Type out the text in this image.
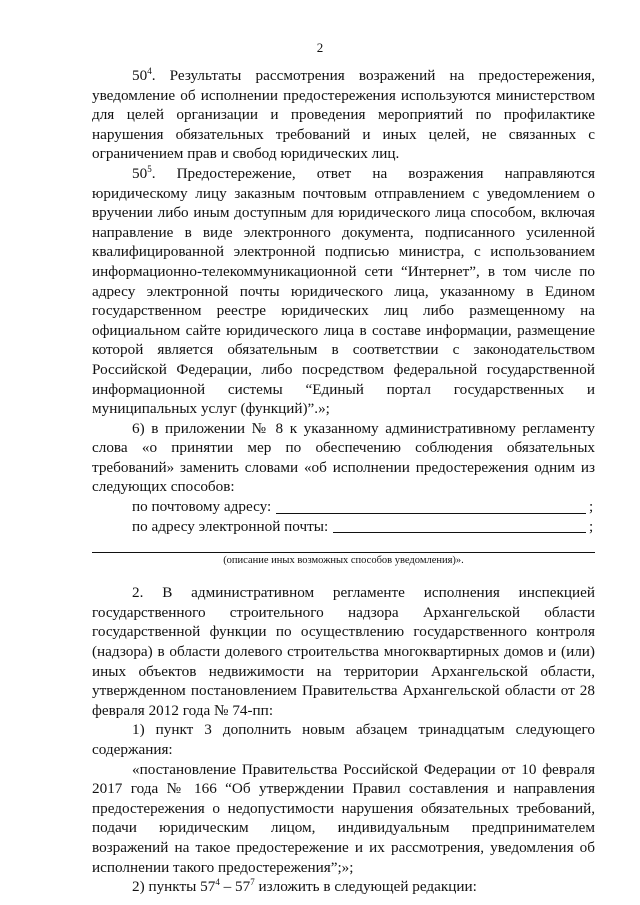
2

$50^4$. Результаты рассмотрения возражений на предостережения, уведомление об исполнении предостережения используются министерством для целей организации и проведения мероприятий по профилактике нарушения обязательных требований и иных целей, не связанных с ограничением прав и свобод юридических лиц.

$50^5$. Предостережение, ответ на возражения направляются юридическому лицу заказным почтовым отправлением с уведомлением о вручении либо иным доступным для юридического лица способом, включая направление в виде электронного документа, подписанного усиленной квалифицированной электронной подписью министра, с использованием информационно-телекоммуникационной сети “Интернет”, в том числе по адресу электронной почты юридического лица, указанному в Едином государственном реестре юридических лиц либо размещенному на официальном сайте юридического лица в составе информации, размещение которой является обязательным в соответствии с законодательством Российской Федерации, либо посредством федеральной государственной информационной системы “Единый портал государственных и муниципальных услуг (функций)”.»;

6) в приложении № 8 к указанному административному регламенту слова «о принятии мер по обеспечению соблюдения обязательных требований» заменить словами «об исполнении предостережения одним из следующих способов:

по почтовому адресу:	;
по адресу электронной почты:	;

(описание иных возможных способов уведомления)».

2. В административном регламенте исполнения инспекцией государственного строительного надзора Архангельской области государственной функции по осуществлению государственного контроля (надзора) в области долевого строительства многоквартирных домов и (или) иных объектов недвижимости на территории Архангельской области, утвержденном постановлением Правительства Архангельской области от 28 февраля 2012 года № 74-пп:

1) пункт 3 дополнить новым абзацем тринадцатым следующего содержания:

«постановление Правительства Российской Федерации от 10 февраля 2017 года № 166 “Об утверждении Правил составления и направления предостережения о недопустимости нарушения обязательных требований, подачи юридическим лицом, индивидуальным предпринимателем возражений на такое предостережение и их рассмотрения, уведомления об исполнении такого предостережения”;»;

2) пункты $57^4 - 57^7$ изложить в следующей редакции:
